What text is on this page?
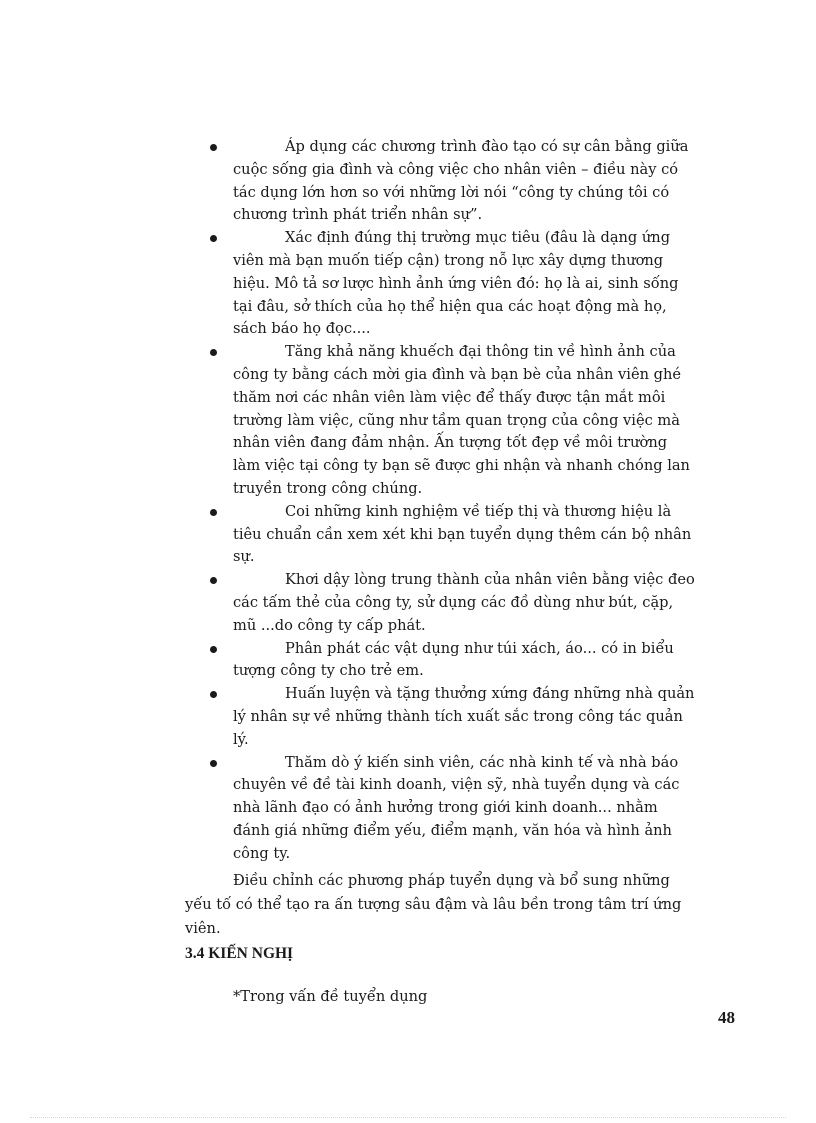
Áp dụng các chương trình đào tạo có sự cân bằng giữa cuộc sống gia đình và công việc cho nhân viên – điều này có tác dụng lớn hơn so với những lời nói “công ty chúng tôi có chương trình phát triển nhân sự”.
Xác định đúng thị trường mục tiêu (đâu là dạng ứng viên mà bạn muốn tiếp cận) trong nỗ lực xây dựng thương hiệu. Mô tả sơ lược hình ảnh ứng viên đó: họ là ai, sinh sống tại đâu, sở thích của họ thể hiện qua các hoạt động mà họ, sách báo họ đọc....
Tăng khả năng khuếch đại thông tin về hình ảnh của công ty bằng cách mời gia đình và bạn bè của nhân viên ghé thăm nơi các nhân viên làm việc để thấy được tận mắt môi trường làm việc, cũng như tầm quan trọng của công việc mà nhân viên đang đảm nhận. Ấn tượng tốt đẹp về môi trường làm việc tại công ty bạn sẽ được ghi nhận và nhanh chóng lan truyền trong công chúng.
Coi những kinh nghiệm về tiếp thị và thương hiệu là tiêu chuẩn cần xem xét khi bạn tuyển dụng thêm cán bộ nhân sự.
Khơi dậy lòng trung thành của nhân viên bằng việc đeo các tấm thẻ của công ty, sử dụng các đồ dùng như bút, cặp, mũ ...do công ty cấp phát.
Phân phát các vật dụng như túi xách, áo... có in biểu tượng công ty cho trẻ em.
Huấn luyện và tặng thưởng xứng đáng những nhà quản lý nhân sự về những thành tích xuất sắc trong công tác quản lý.
Thăm dò ý kiến sinh viên, các nhà kinh tế và nhà báo chuyên về đề tài kinh doanh, viện sỹ, nhà tuyển dụng và các nhà lãnh đạo có ảnh hưởng trong giới kinh doanh... nhằm đánh giá những điểm yếu, điểm mạnh, văn hóa và hình ảnh công ty.

Điều chỉnh các phương pháp tuyển dụng và bổ sung những yếu tố có thể tạo ra ấn tượng sâu đậm và lâu bền trong tâm trí ứng viên.

3.4 KIẾN NGHỊ

*Trong vấn đề tuyển dụng

48
